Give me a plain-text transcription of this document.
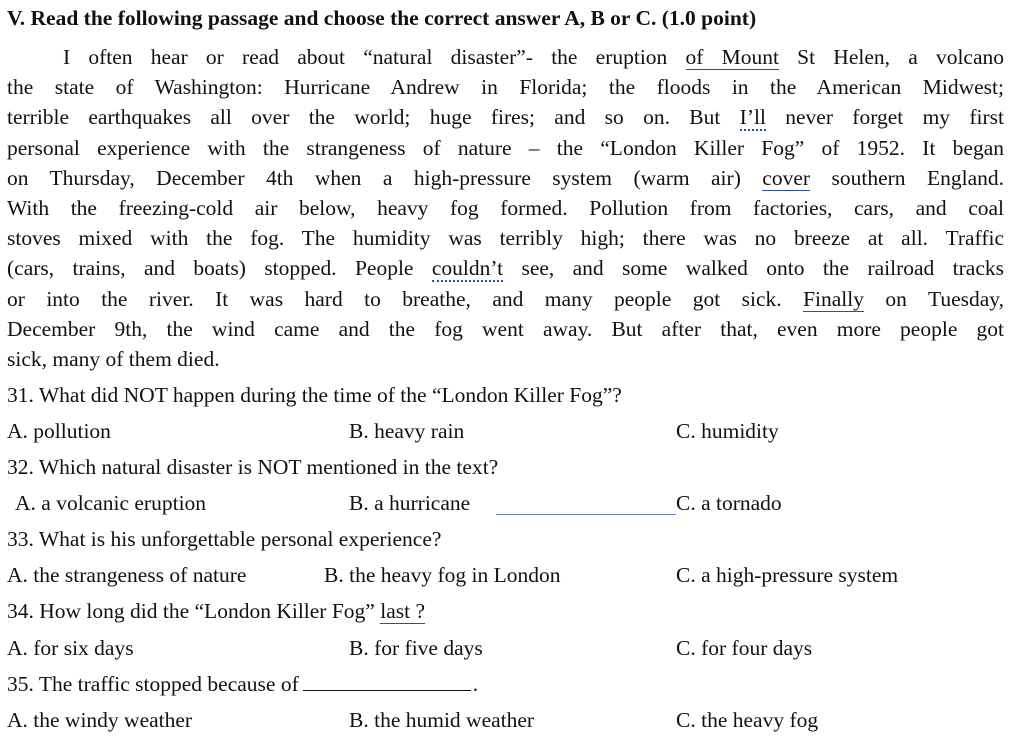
V. Read the following passage and choose the correct answer A, B or C. (1.0 point)
I often hear or read about “natural disaster”- the eruption of Mount St Helen, a volcano
the state of Washington: Hurricane Andrew in Florida; the floods in the American Midwest;
terrible earthquakes all over the world; huge fires; and so on. But I’ll never forget my first
personal experience with the strangeness of nature – the “London Killer Fog” of 1952. It began
on Thursday, December 4th when a high-pressure system (warm air) cover southern England.
With the freezing-cold air below, heavy fog formed. Pollution from factories, cars, and coal
stoves mixed with the fog. The humidity was terribly high; there was no breeze at all. Traffic
(cars, trains, and boats) stopped. People couldn’t see, and some walked onto the railroad tracks
or into the river. It was hard to breathe, and many people got sick. Finally on Tuesday,
December 9th, the wind came and the fog went away. But after that, even more people got
sick, many of them died.
31. What did NOT happen during the time of the “London Killer Fog”?
A. pollution	B. heavy rain	C. humidity
32. Which natural disaster is NOT mentioned in the text?
A. a volcanic eruption	B. a hurricane	C. a tornado
33. What is his unforgettable personal experience?
A. the strangeness of nature	B. the heavy fog in London	C. a high-pressure system
34. How long did the “London Killer Fog” last ?
A. for six days	B. for five days	C. for four days
35. The traffic stopped because of	.
A. the windy weather	B. the humid weather	C. the heavy fog
